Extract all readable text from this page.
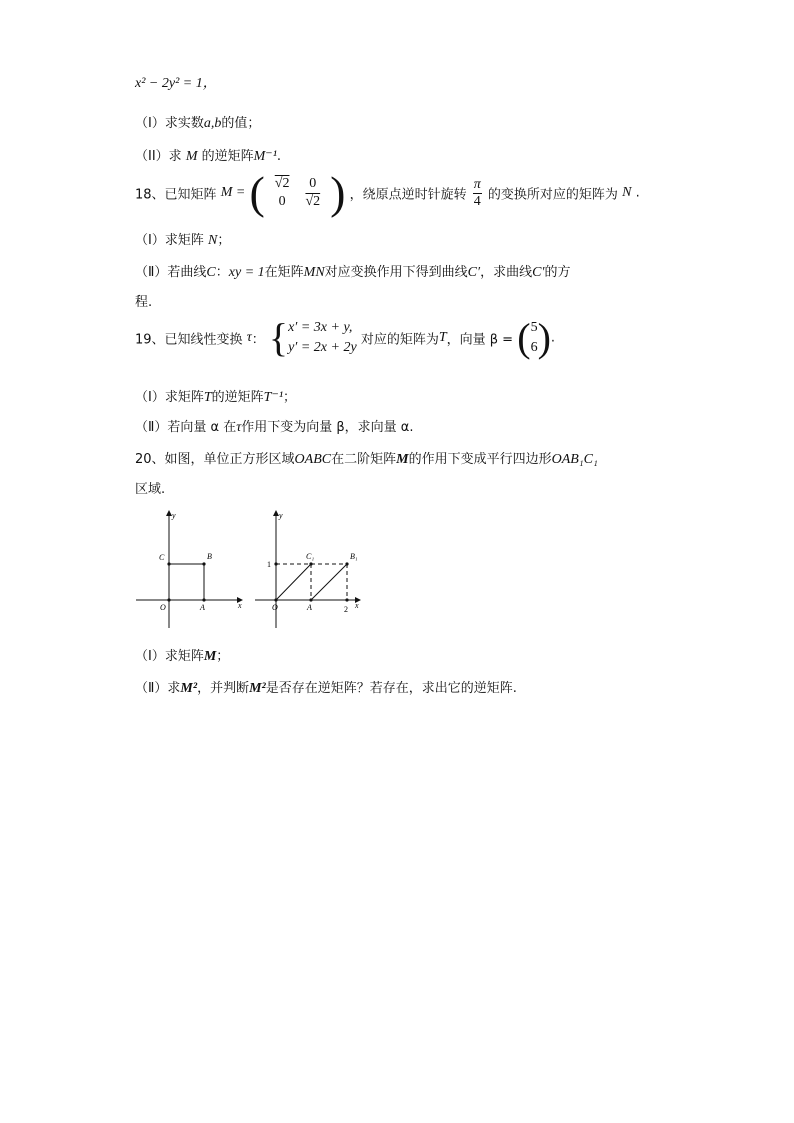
x² − 2y² = 1，
（I）求实数a,b的值；
（II）求 M 的逆矩阵M⁻¹.
18、已知矩阵 M = ( √2	0
0	√2 ) ，绕原点逆时针旋转 $\frac{\pi}{4}$ 的变换所对应的矩阵为 N .
（Ⅰ）求矩阵 N；
（Ⅱ）若曲线C：xy = 1在矩阵MN对应变换作用下得到曲线C′，求曲线C′的方
程.
19、已知线性变换 τ： { x′ = 3x + y,
y′ = 2x + 2y 对应的矩阵为T，向量 β = ( 5
6 ).
（Ⅰ）求矩阵T的逆矩阵T⁻¹；
（Ⅱ）若向量 α 在τ作用下变为向量 β，求向量 α.
20、如图，单位正方形区域OABC在二阶矩阵M的作用下变成平行四边形OAB₁C₁
区域.
y
x
C	B
O	A
y
x
1
C₁	B₁
O	A	2
（Ⅰ）求矩阵M；
（Ⅱ）求M²，并判断M²是否存在逆矩阵？若存在，求出它的逆矩阵.
